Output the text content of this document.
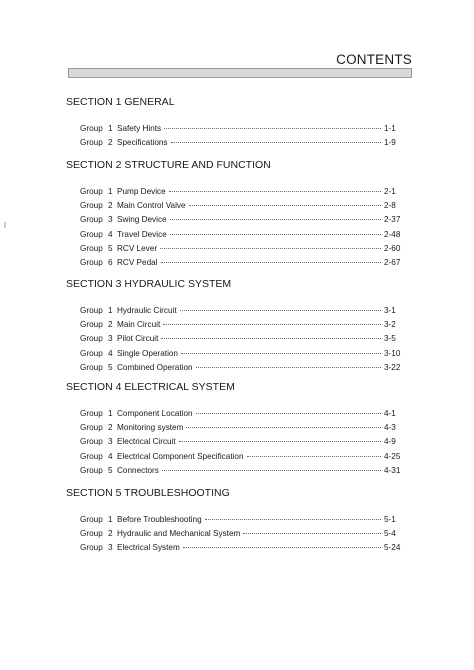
CONTENTS
SECTION 1 GENERAL
Group 1 Safety Hints	1-1
Group 2 Specifications	1-9
SECTION 2 STRUCTURE AND FUNCTION
Group 1 Pump Device	2-1
Group 2 Main Control Valve	2-8
Group 3 Swing Device	2-37
Group 4 Travel Device	2-48
Group 5 RCV Lever	2-60
Group 6 RCV Pedal	2-67
SECTION 3 HYDRAULIC SYSTEM
Group 1 Hydraulic Circuit	3-1
Group 2 Main Circuit	3-2
Group 3 Pilot Circuit	3-5
Group 4 Single Operation	3-10
Group 5 Combined Operation	3-22
SECTION 4 ELECTRICAL SYSTEM
Group 1 Component Location	4-1
Group 2 Monitoring system	4-3
Group 3 Electrical Circuit	4-9
Group 4 Electrical Component Specification	4-25
Group 5 Connectors	4-31
SECTION 5 TROUBLESHOOTING
Group 1 Before Troubleshooting	5-1
Group 2 Hydraulic and Mechanical System	5-4
Group 3 Electrical System	5-24
